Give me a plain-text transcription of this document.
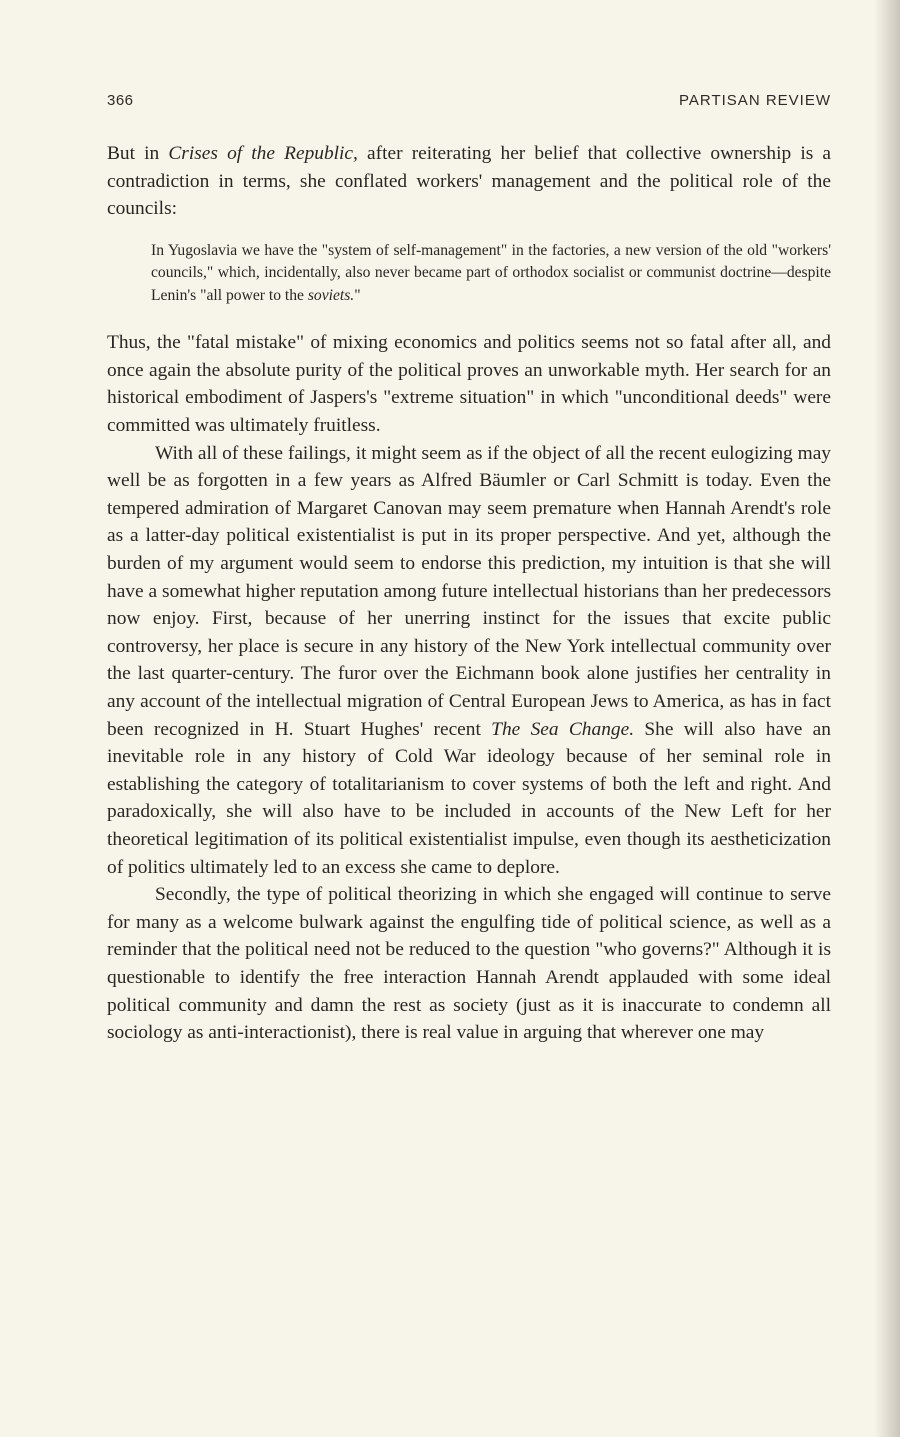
366	PARTISAN REVIEW

But in Crises of the Republic, after reiterating her belief that collective ownership is a contradiction in terms, she conflated workers' management and the political role of the councils:

In Yugoslavia we have the "system of self-management" in the factories, a new version of the old "workers' councils," which, incidentally, also never became part of orthodox socialist or communist doctrine—despite Lenin's "all power to the soviets."

Thus, the "fatal mistake" of mixing economics and politics seems not so fatal after all, and once again the absolute purity of the political proves an unworkable myth. Her search for an historical embodiment of Jaspers's "extreme situation" in which "unconditional deeds" were committed was ultimately fruitless.

With all of these failings, it might seem as if the object of all the recent eulogizing may well be as forgotten in a few years as Alfred Bäumler or Carl Schmitt is today. Even the tempered admiration of Margaret Canovan may seem premature when Hannah Arendt's role as a latter-day political existentialist is put in its proper perspective. And yet, although the burden of my argument would seem to endorse this prediction, my intuition is that she will have a somewhat higher reputation among future intellectual historians than her predecessors now enjoy. First, because of her unerring instinct for the issues that excite public controversy, her place is secure in any history of the New York intellectual community over the last quarter-century. The furor over the Eichmann book alone justifies her centrality in any account of the intellectual migration of Central European Jews to America, as has in fact been recognized in H. Stuart Hughes' recent The Sea Change. She will also have an inevitable role in any history of Cold War ideology because of her seminal role in establishing the category of totalitarianism to cover systems of both the left and right. And paradoxically, she will also have to be included in accounts of the New Left for her theoretical legitimation of its political existentialist impulse, even though its aestheticization of politics ultimately led to an excess she came to deplore.

Secondly, the type of political theorizing in which she engaged will continue to serve for many as a welcome bulwark against the engulfing tide of political science, as well as a reminder that the political need not be reduced to the question "who governs?" Although it is questionable to identify the free interaction Hannah Arendt applauded with some ideal political community and damn the rest as society (just as it is inaccurate to condemn all sociology as anti-interactionist), there is real value in arguing that wherever one may
